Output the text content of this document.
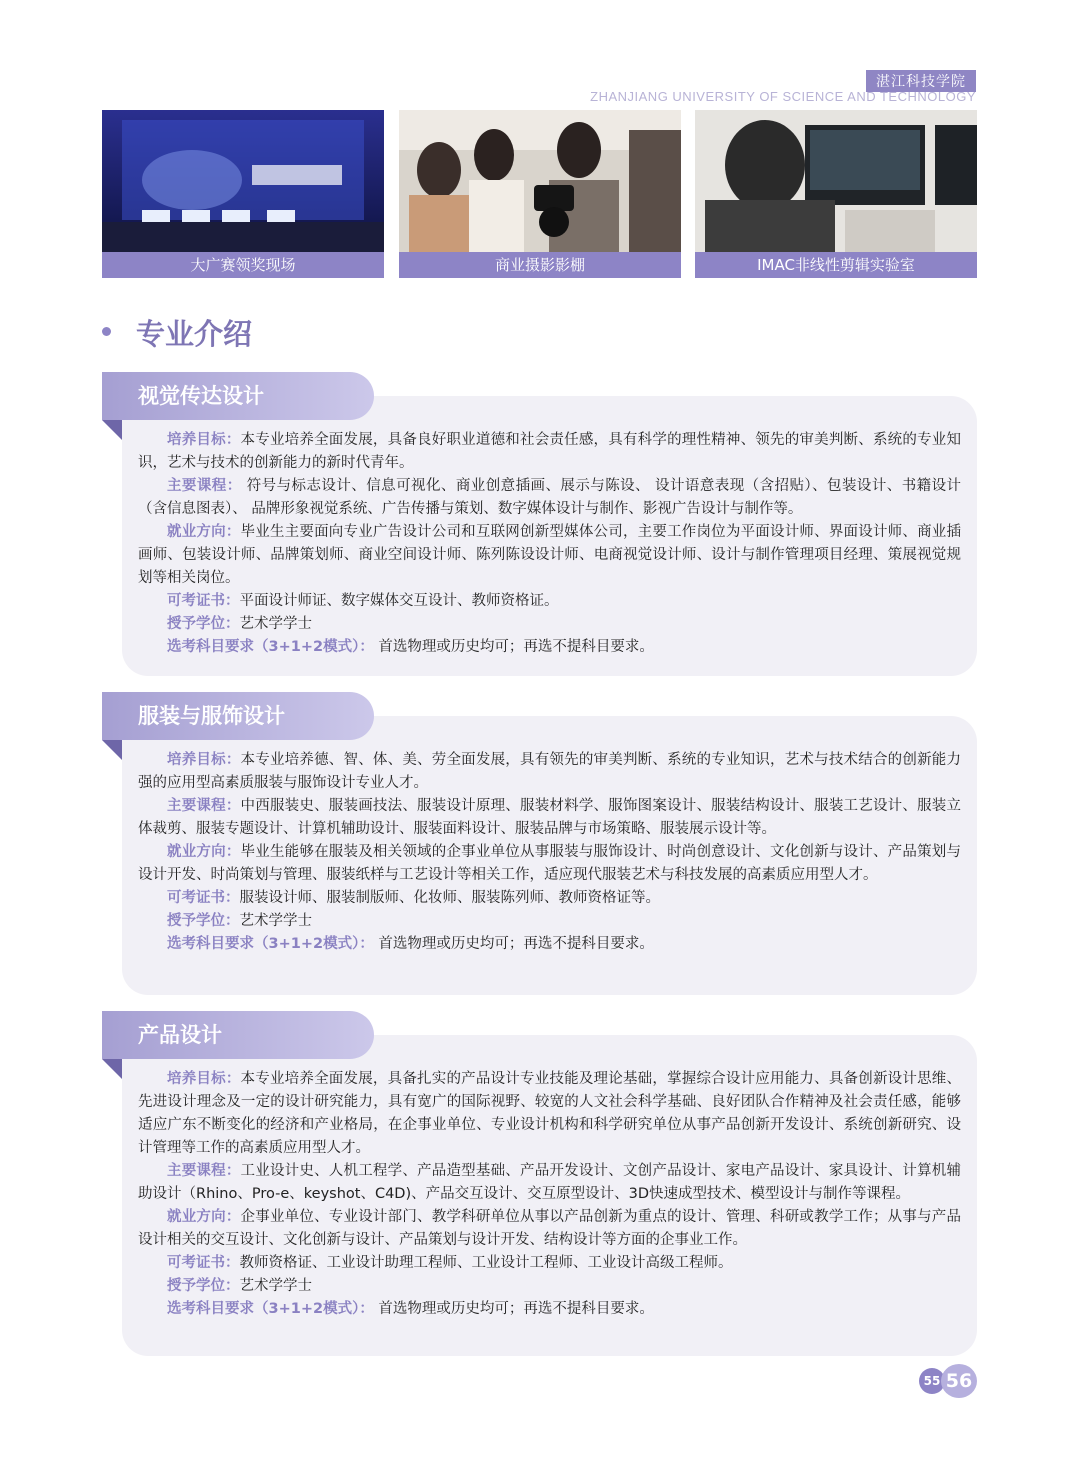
湛江科技学院
ZHANJIANG UNIVERSITY OF SCIENCE AND TECHNOLOGY
大广赛领奖现场	商业摄影影棚	IMAC非线性剪辑实验室
专业介绍
视觉传达设计

培养目标：本专业培养全面发展，具备良好职业道德和社会责任感，具有科学的理性精神、领先的审美判断、系统的专业知识，艺术与技术的创新能力的新时代青年。

主要课程： 符号与标志设计、信息可视化、商业创意插画、展示与陈设、 设计语意表现（含招贴）、包装设计、书籍设计（含信息图表）、 品牌形象视觉系统、广告传播与策划、数字媒体设计与制作、影视广告设计与制作等。

就业方向：毕业生主要面向专业广告设计公司和互联网创新型媒体公司，主要工作岗位为平面设计师、界面设计师、商业插画师、包装设计师、品牌策划师、商业空间设计师、陈列陈设设计师、电商视觉设计师、设计与制作管理项目经理、策展视觉规划等相关岗位。

可考证书：平面设计师证、数字媒体交互设计、教师资格证。

授予学位：艺术学学士

选考科目要求（3+1+2模式）： 首选物理或历史均可；再选不提科目要求。

服装与服饰设计

培养目标：本专业培养德、智、体、美、劳全面发展，具有领先的审美判断、系统的专业知识，艺术与技术结合的创新能力强的应用型高素质服装与服饰设计专业人才。

主要课程：中西服装史、服装画技法、服装设计原理、服装材料学、服饰图案设计、服装结构设计、服装工艺设计、服装立体裁剪、服装专题设计、计算机辅助设计、服装面料设计、服装品牌与市场策略、服装展示设计等。

就业方向：毕业生能够在服装及相关领域的企事业单位从事服装与服饰设计、时尚创意设计、文化创新与设计、产品策划与设计开发、时尚策划与管理、服装纸样与工艺设计等相关工作，适应现代服装艺术与科技发展的高素质应用型人才。

可考证书：服装设计师、服装制版师、化妆师、服装陈列师、教师资格证等。

授予学位：艺术学学士

选考科目要求（3+1+2模式）： 首选物理或历史均可；再选不提科目要求。

产品设计

培养目标：本专业培养全面发展，具备扎实的产品设计专业技能及理论基础，掌握综合设计应用能力、具备创新设计思维、先进设计理念及一定的设计研究能力，具有宽广的国际视野、较宽的人文社会科学基础、良好团队合作精神及社会责任感，能够适应广东不断变化的经济和产业格局，在企事业单位、专业设计机构和科学研究单位从事产品创新开发设计、系统创新研究、设计管理等工作的高素质应用型人才。

主要课程：工业设计史、人机工程学、产品造型基础、产品开发设计、文创产品设计、家电产品设计、家具设计、计算机辅助设计（Rhino、Pro-e、keyshot、C4D)、产品交互设计、交互原型设计、3D快速成型技术、模型设计与制作等课程。

就业方向：企事业单位、专业设计部门、教学科研单位从事以产品创新为重点的设计、管理、科研或教学工作；从事与产品设计相关的交互设计、文化创新与设计、产品策划与设计开发、结构设计等方面的企事业工作。

可考证书：教师资格证、工业设计助理工程师、工业设计工程师、工业设计高级工程师。

授予学位：艺术学学士

选考科目要求（3+1+2模式）： 首选物理或历史均可；再选不提科目要求。

55 56
